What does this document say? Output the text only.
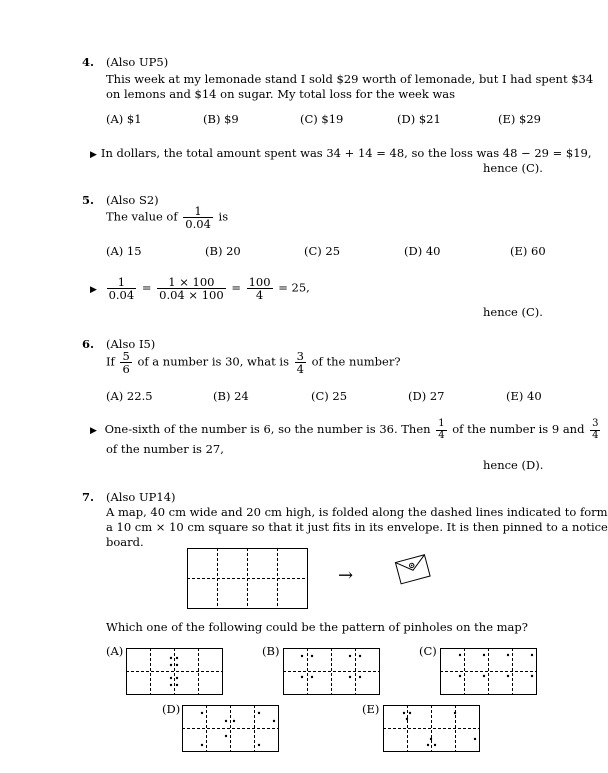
4. (Also UP5)
This week at my lemonade stand I sold $29 worth of lemonade, but I had spent $34
on lemons and $14 on sugar. My total loss for the week was
(A) $1	(B) $9	(C) $19	(D) $21	(E) $29
▶ In dollars, the total amount spent was 34 + 14 = 48, so the loss was 48 − 29 = $19,
hence (C).
5. (Also S2)
The value of $\frac{1}{0.04}$ is
(A) 15	(B) 20	(C) 25	(D) 40	(E) 60
▶ $\frac{1}{0.04} = \frac{1 \times 100}{0.04 \times 100} = \frac{100}{4} = 25$,
hence (C).
6. (Also I5)
If $\frac{5}{6}$ of a number is 30, what is $\frac{3}{4}$ of the number?
(A) 22.5	(B) 24	(C) 25	(D) 27	(E) 40
▶ One-sixth of the number is 6, so the number is 36. Then $\frac{1}{4}$ of the number is 9 and $\frac{3}{4}$
of the number is 27,
hence (D).
7. (Also UP14)
A map, 40 cm wide and 20 cm high, is folded along the dashed lines indicated to form
a 10 cm × 10 cm square so that it just fits in its envelope. It is then pinned to a notice
board.
→
Which one of the following could be the pattern of pinholes on the map?
(A)	(B)	(C)
(D)	(E)
